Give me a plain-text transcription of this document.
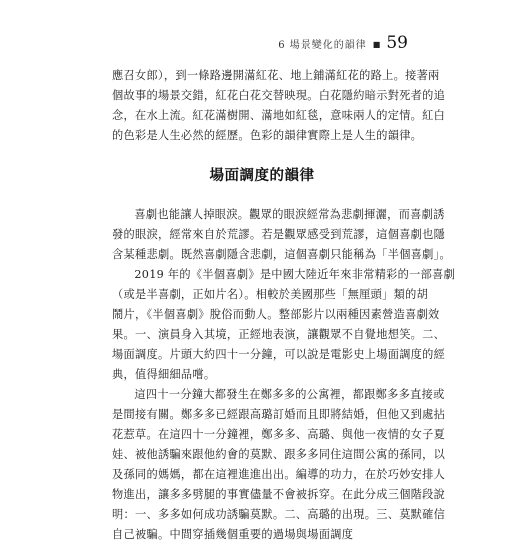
6 場景變化的韻律 ■ 59

應召女郎），到一條路邊開滿紅花、地上鋪滿紅花的路上。接著兩
個故事的場景交錯，紅花白花交替映現。白花隱約暗示對死者的追
念，在水上流。紅花滿樹開、滿地如紅毯，意味兩人的定情。紅白
的色彩是人生必然的經歷。色彩的韻律實際上是人生的韻律。

場面調度的韻律

喜劇也能讓人掉眼淚。觀眾的眼淚經常為悲劇揮灑，而喜劇誘
發的眼淚，經常來自於荒謬。若是觀眾感受到荒謬，這個喜劇也隱
含某種悲劇。既然喜劇隱含悲劇，這個喜劇只能稱為「半個喜劇」。

2019 年的《半個喜劇》是中國大陸近年來非常精彩的一部喜劇
（或是半喜劇，正如片名）。相較於美國那些「無厘頭」類的胡
鬧片，《半個喜劇》脫俗而動人。整部影片以兩種因素營造喜劇效
果。一、演員身入其境，正經地表演，讓觀眾不自覺地想笑。二、
場面調度。片頭大約四十一分鐘，可以說是電影史上場面調度的經
典，值得細細品嚐。

這四十一分鐘大都發生在鄭多多的公寓裡，都跟鄭多多直接或
是間接有關。鄭多多已經跟高璐訂婚而且即將結婚，但他又到處拈
花惹草。在這四十一分鐘裡，鄭多多、高璐、與他一夜情的女子夏
娃、被他誘騙來跟他約會的莫默、跟多多同住這間公寓的孫同，以
及孫同的媽媽，都在這裡進進出出。編導的功力，在於巧妙安排人
物進出，讓多多劈腿的事實儘量不會被拆穿。在此分成三個階段說
明：一、多多如何成功誘騙莫默。二、高璐的出現。三、莫默確信
自己被騙。中間穿插幾個重要的過場與場面調度
